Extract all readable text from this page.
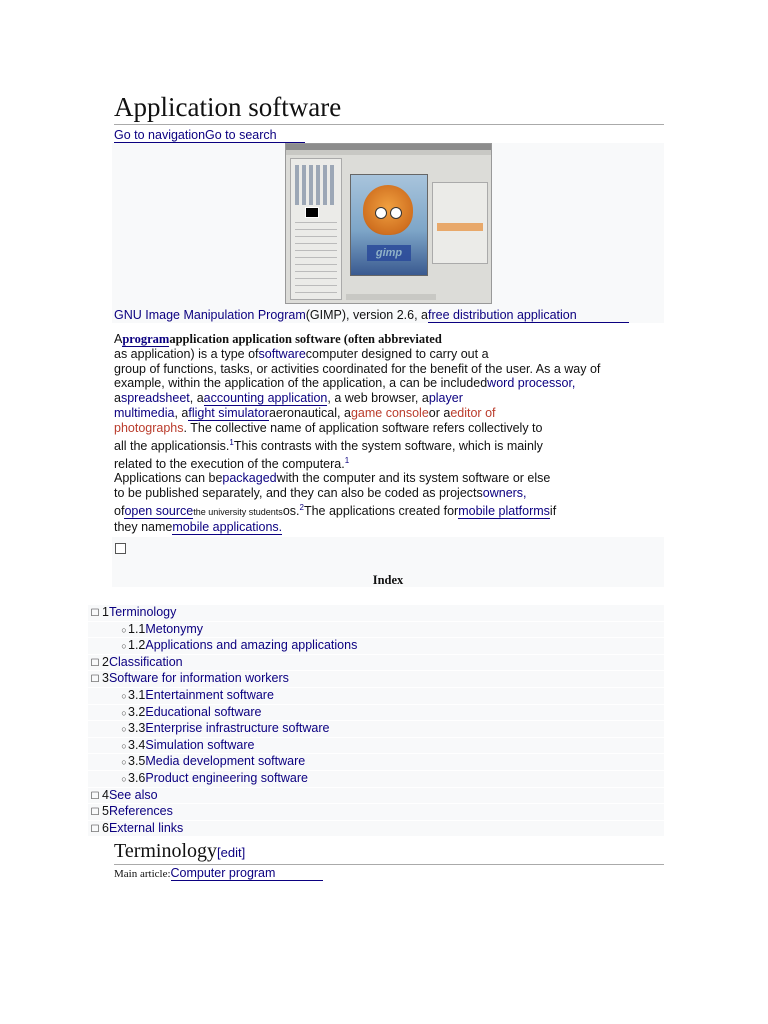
Application software
Go to navigationGo to search
gimp
GNU Image Manipulation Program(GIMP), version 2.6, afree distribution application
Aprogramapplication application software (often abbreviated
as application) is a type ofsoftwarecomputer designed to carry out a
group of functions, tasks, or activities coordinated for the benefit of the user. As a way of
example, within the application of the application, a can be includedword processor,
aspreadsheet, aaccounting application, a web browser, aplayer
multimedia, aflight simulatoraeronautical, agame consoleor aeditor of
photographs. The collective name of application software refers collectively to
all the applicationsis.$^1$This contrasts with the system software, which is mainly
related to the execution of the computera.$^1$
Applications can bepackagedwith the computer and its system software or else
to be published separately, and they can also be coded as projectsowners,
ofopen sourcethe university studentsos.$^2$The applications created formobile platformsif
they namemobile applications.
Index
☐ 1Terminology
○1.1Metonymy
○1.2Applications and amazing applications
☐ 2Classification
☐ 3Software for information workers
○3.1Entertainment software
○3.2Educational software
○3.3Enterprise infrastructure software
○3.4Simulation software
○3.5Media development software
○3.6Product engineering software
☐ 4See also
☐ 5References
☐ 6External links
Terminology[edit]
Main article:Computer program
